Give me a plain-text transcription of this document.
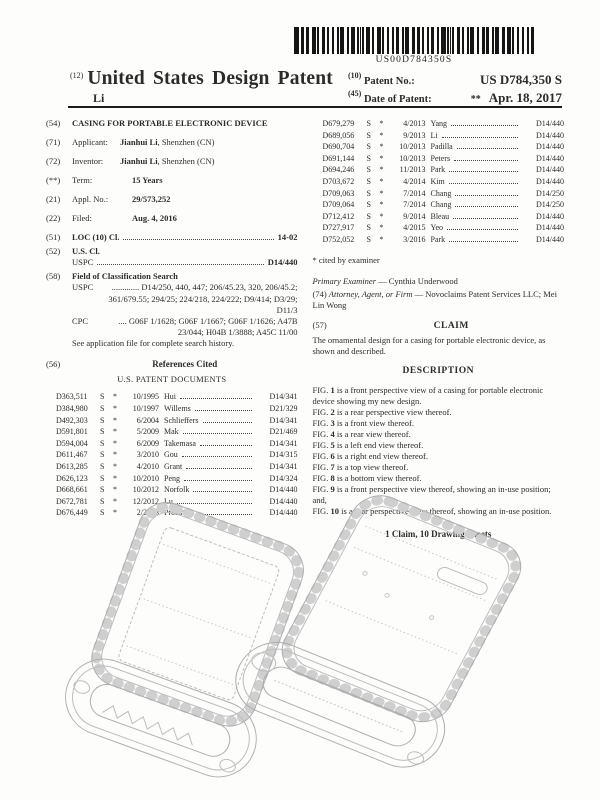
US00D784350S
$^{(12)}$ United States Design Patent
Li
$^{(10)}$ Patent No.:	US D784,350 S
$^{(45)}$ Date of Patent:	** Apr. 18, 2017
(54)	CASING FOR PORTABLE ELECTRONIC DEVICE
(71)	Applicant: Jianhui Li, Shenzhen (CN)
(72)	Inventor: Jianhui Li, Shenzhen (CN)
(**)	Term:	15 Years
(21)	Appl. No.:	29/573,252
(22)	Filed:	Aug. 4, 2016
(51)	LOC (10) Cl.	14-02
(52)	U.S. Cl.
USPC	D14/440
(58)	Field of Classification Search
USPC	............. D14/250, 440, 447; 206/45.23, 320, 206/45.2; 361/679.55; 294/25; 224/218, 224/222; D9/414; D3/29; D11/3
CPC	.... G06F 1/1628; G06F 1/1667; G06F 1/1626; A47B 23/044; H04B 1/3888; A45C 11/00
See application file for complete search history.
(56)	References Cited
U.S. PATENT DOCUMENTS
D363,511	S	*	10/1995 Hui	D14/341
D384,980	S	*	10/1997 Willems	D21/329
D492,303	S	*	6/2004 Schlieffers	D14/341
D591,801	S	*	5/2009 Mak	D21/469
D594,004	S	*	6/2009 Takemasa	D14/341
D611,467	S	*	3/2010 Gou	D14/315
D613,285	S	*	4/2010 Grant	D14/341
D626,123	S	*	10/2010 Peng	D14/324
D668,661	S	*	10/2012 Norfolk	D14/440
D672,781	S	*	12/2012 Lu	D14/440
D676,449	S	*	2/2013 Probst	D14/440
D679,279	S	*	4/2013 Yang	D14/440
D689,056	S	*	9/2013 Li	D14/440
D690,704	S	*	10/2013 Padilla	D14/440
D691,144	S	*	10/2013 Peters	D14/440
D694,246	S	*	11/2013 Park	D14/440
D703,672	S	*	4/2014 Kim	D14/440
D709,063	S	*	7/2014 Chang	D14/250
D709,064	S	*	7/2014 Chang	D14/250
D712,412	S	*	9/2014 Bleau	D14/440
D727,917	S	*	4/2015 Yeo	D14/440
D752,052	S	*	3/2016 Park	D14/440
* cited by examiner
Primary Examiner — Cynthia Underwood
(74) Attorney, Agent, or Firm — Novoclaims Patent Services LLC; Mei Lin Wong
(57)	CLAIM

The ornamental design for a casing for portable electronic device, as shown and described.

DESCRIPTION

FIG. 1 is a front perspective view of a casing for portable electronic device showing my new design.

FIG. 2 is a rear perspective view thereof.

FIG. 3 is a front view thereof.

FIG. 4 is a rear view thereof.

FIG. 5 is a left end view thereof.

FIG. 6 is a right end view thereof.

FIG. 7 is a top view thereof.

FIG. 8 is a bottom view thereof.

FIG. 9 is a front perspective view thereof, showing an in-use position; and,

FIG. 10 is a rear perspective view thereof, showing an in-use position.

1 Claim, 10 Drawing Sheets
